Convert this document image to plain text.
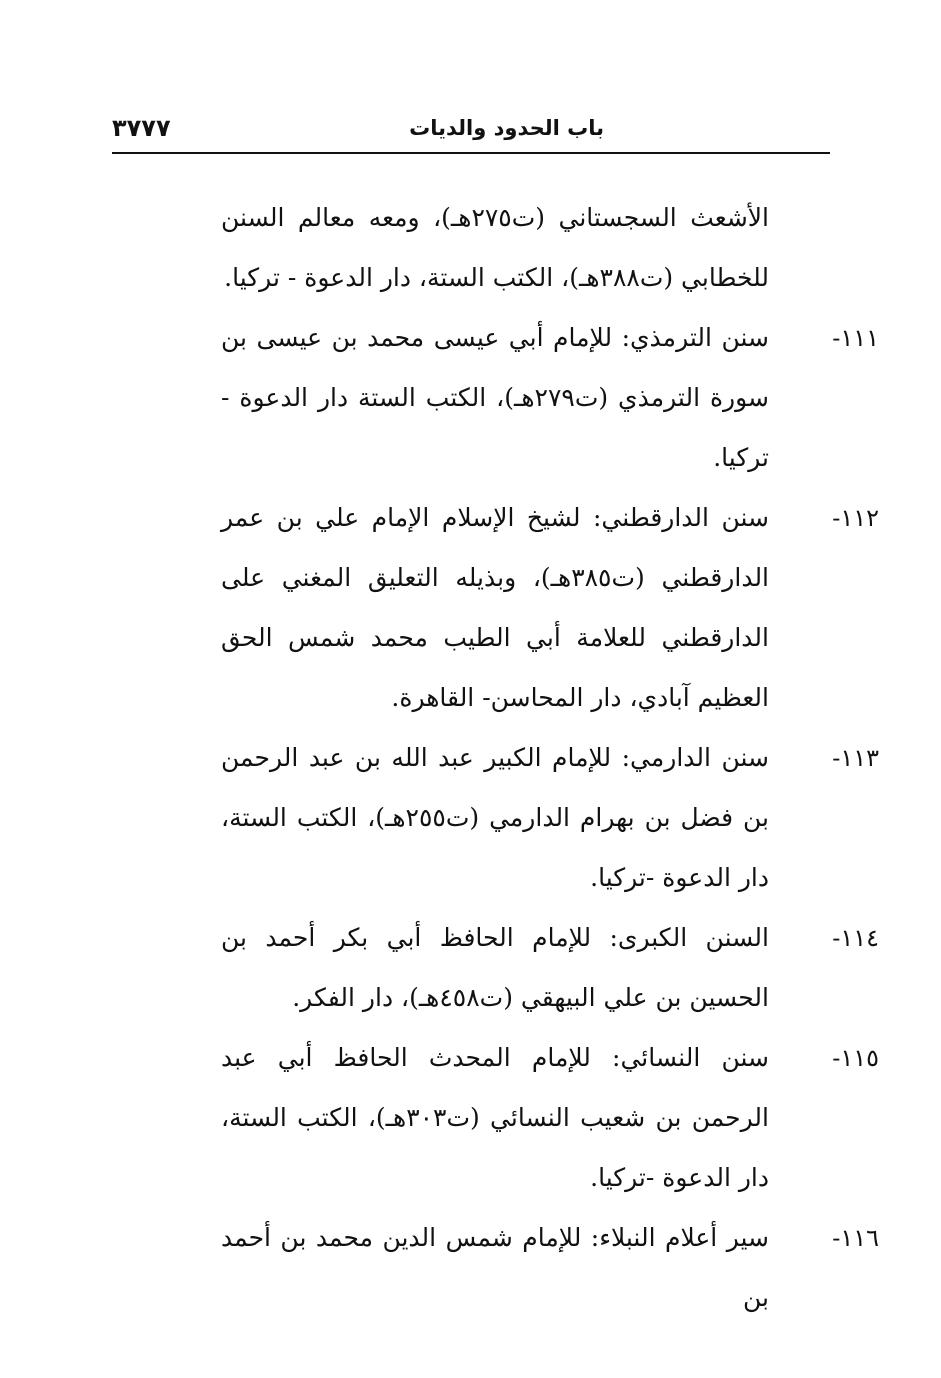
باب الحدود والديات
٣٧٧٧
الأشعث السجستاني (ت٢٧٥هـ)، ومعه معالم السنن للخطابي (ت٣٨٨هـ)، الكتب الستة، دار الدعوة - تركيا.
١١١-
سنن الترمذي: للإمام أبي عيسى محمد بن عيسى بن سورة الترمذي (ت٢٧٩هـ)، الكتب الستة دار الدعوة - تركيا.
١١٢-
سنن الدارقطني: لشيخ الإسلام الإمام علي بن عمر الدارقطني (ت٣٨٥هـ)، وبذيله التعليق المغني على الدارقطني للعلامة أبي الطيب محمد شمس الحق العظيم آبادي، دار المحاسن- القاهرة.
١١٣-
سنن الدارمي: للإمام الكبير عبد الله بن عبد الرحمن بن فضل بن بهرام الدارمي (ت٢٥٥هـ)، الكتب الستة، دار الدعوة -تركيا.
١١٤-
السنن الكبرى: للإمام الحافظ أبي بكر أحمد بن الحسين بن علي البيهقي (ت٤٥٨هـ)، دار الفكر.
١١٥-
سنن النسائي: للإمام المحدث الحافظ أبي عبد الرحمن بن شعيب النسائي (ت٣٠٣هـ)، الكتب الستة، دار الدعوة -تركيا.
١١٦-
سير أعلام النبلاء: للإمام شمس الدين محمد بن أحمد بن
